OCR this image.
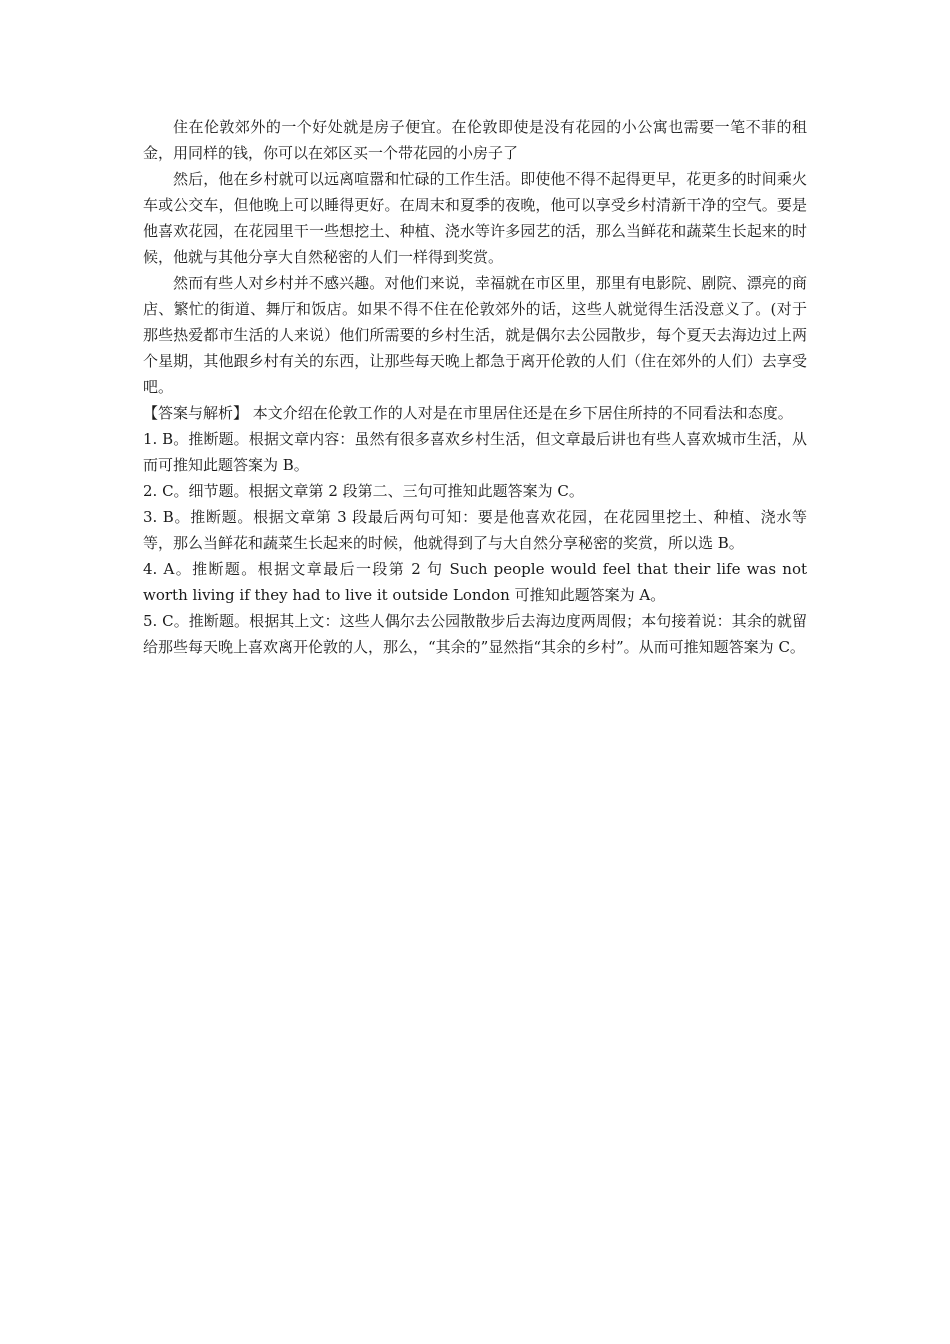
住在伦敦郊外的一个好处就是房子便宜。在伦敦即使是没有花园的小公寓也需要一笔不菲的租金，用同样的钱，你可以在郊区买一个带花园的小房子了

然后，他在乡村就可以远离喧嚣和忙碌的工作生活。即使他不得不起得更早，花更多的时间乘火车或公交车，但他晚上可以睡得更好。在周末和夏季的夜晚，他可以享受乡村清新干净的空气。要是他喜欢花园，在花园里干一些想挖土、种植、浇水等许多园艺的活，那么当鲜花和蔬菜生长起来的时候，他就与其他分享大自然秘密的人们一样得到奖赏。

然而有些人对乡村并不感兴趣。对他们来说，幸福就在市区里，那里有电影院、剧院、漂亮的商店、繁忙的街道、舞厅和饭店。如果不得不住在伦敦郊外的话，这些人就觉得生活没意义了。(对于那些热爱都市生活的人来说）他们所需要的乡村生活，就是偶尔去公园散步，每个夏天去海边过上两个星期，其他跟乡村有关的东西，让那些每天晚上都急于离开伦敦的人们（住在郊外的人们）去享受吧。

【答案与解析】 本文介绍在伦敦工作的人对是在市里居住还是在乡下居住所持的不同看法和态度。

1. B。推断题。根据文章内容：虽然有很多喜欢乡村生活，但文章最后讲也有些人喜欢城市生活，从而可推知此题答案为 B。

2. C。细节题。根据文章第 2 段第二、三句可推知此题答案为 C。

3. B。推断题。根据文章第 3 段最后两句可知：要是他喜欢花园，在花园里挖土、种植、浇水等等，那么当鲜花和蔬菜生长起来的时候，他就得到了与大自然分享秘密的奖赏，所以选 B。

4. A。推断题。根据文章最后一段第 2 句 Such people would feel that their life was not worth living if they had to live it outside London 可推知此题答案为 A。

5. C。推断题。根据其上文：这些人偶尔去公园散散步后去海边度两周假；本句接着说：其余的就留给那些每天晚上喜欢离开伦敦的人，那么，“其余的”显然指“其余的乡村”。从而可推知题答案为 C。
